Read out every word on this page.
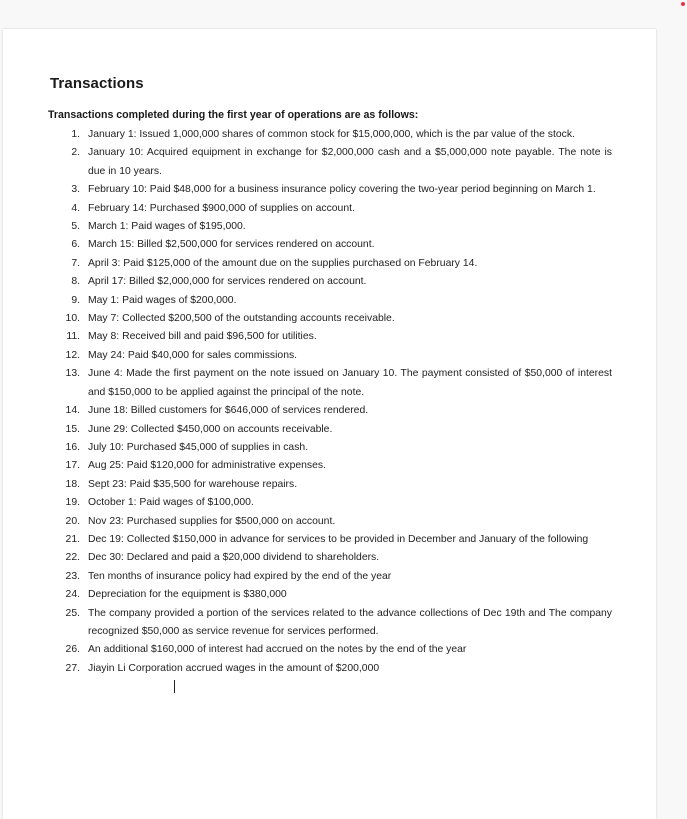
Transactions

Transactions completed during the first year of operations are as follows:

1. January 1: Issued 1,000,000 shares of common stock for $15,000,000, which is the par value of the stock.
2. January 10: Acquired equipment in exchange for $2,000,000 cash and a $5,000,000 note payable. The note is due in 10 years.
3. February 10: Paid $48,000 for a business insurance policy covering the two-year period beginning on March 1.
4. February 14: Purchased $900,000 of supplies on account.
5. March 1: Paid wages of $195,000.
6. March 15: Billed $2,500,000 for services rendered on account.
7. April 3: Paid $125,000 of the amount due on the supplies purchased on February 14.
8. April 17: Billed $2,000,000 for services rendered on account.
9. May 1: Paid wages of $200,000.
10. May 7: Collected $200,500 of the outstanding accounts receivable.
11. May 8: Received bill and paid $96,500 for utilities.
12. May 24: Paid $40,000 for sales commissions.
13. June 4: Made the first payment on the note issued on January 10. The payment consisted of $50,000 of interest and $150,000 to be applied against the principal of the note.
14. June 18: Billed customers for $646,000 of services rendered.
15. June 29: Collected $450,000 on accounts receivable.
16. July 10: Purchased $45,000 of supplies in cash.
17. Aug 25: Paid $120,000 for administrative expenses.
18. Sept 23: Paid $35,500 for warehouse repairs.
19. October 1: Paid wages of $100,000.
20. Nov 23: Purchased supplies for $500,000 on account.
21. Dec 19: Collected $150,000 in advance for services to be provided in December and January of the following
22. Dec 30: Declared and paid a $20,000 dividend to shareholders.
23. Ten months of insurance policy had expired by the end of the year
24. Depreciation for the equipment is $380,000
25. The company provided a portion of the services related to the advance collections of Dec 19th and The company recognized $50,000 as service revenue for services performed.
26. An additional $160,000 of interest had accrued on the notes by the end of the year
27. Jiayin Li Corporation accrued wages in the amount of $200,000
